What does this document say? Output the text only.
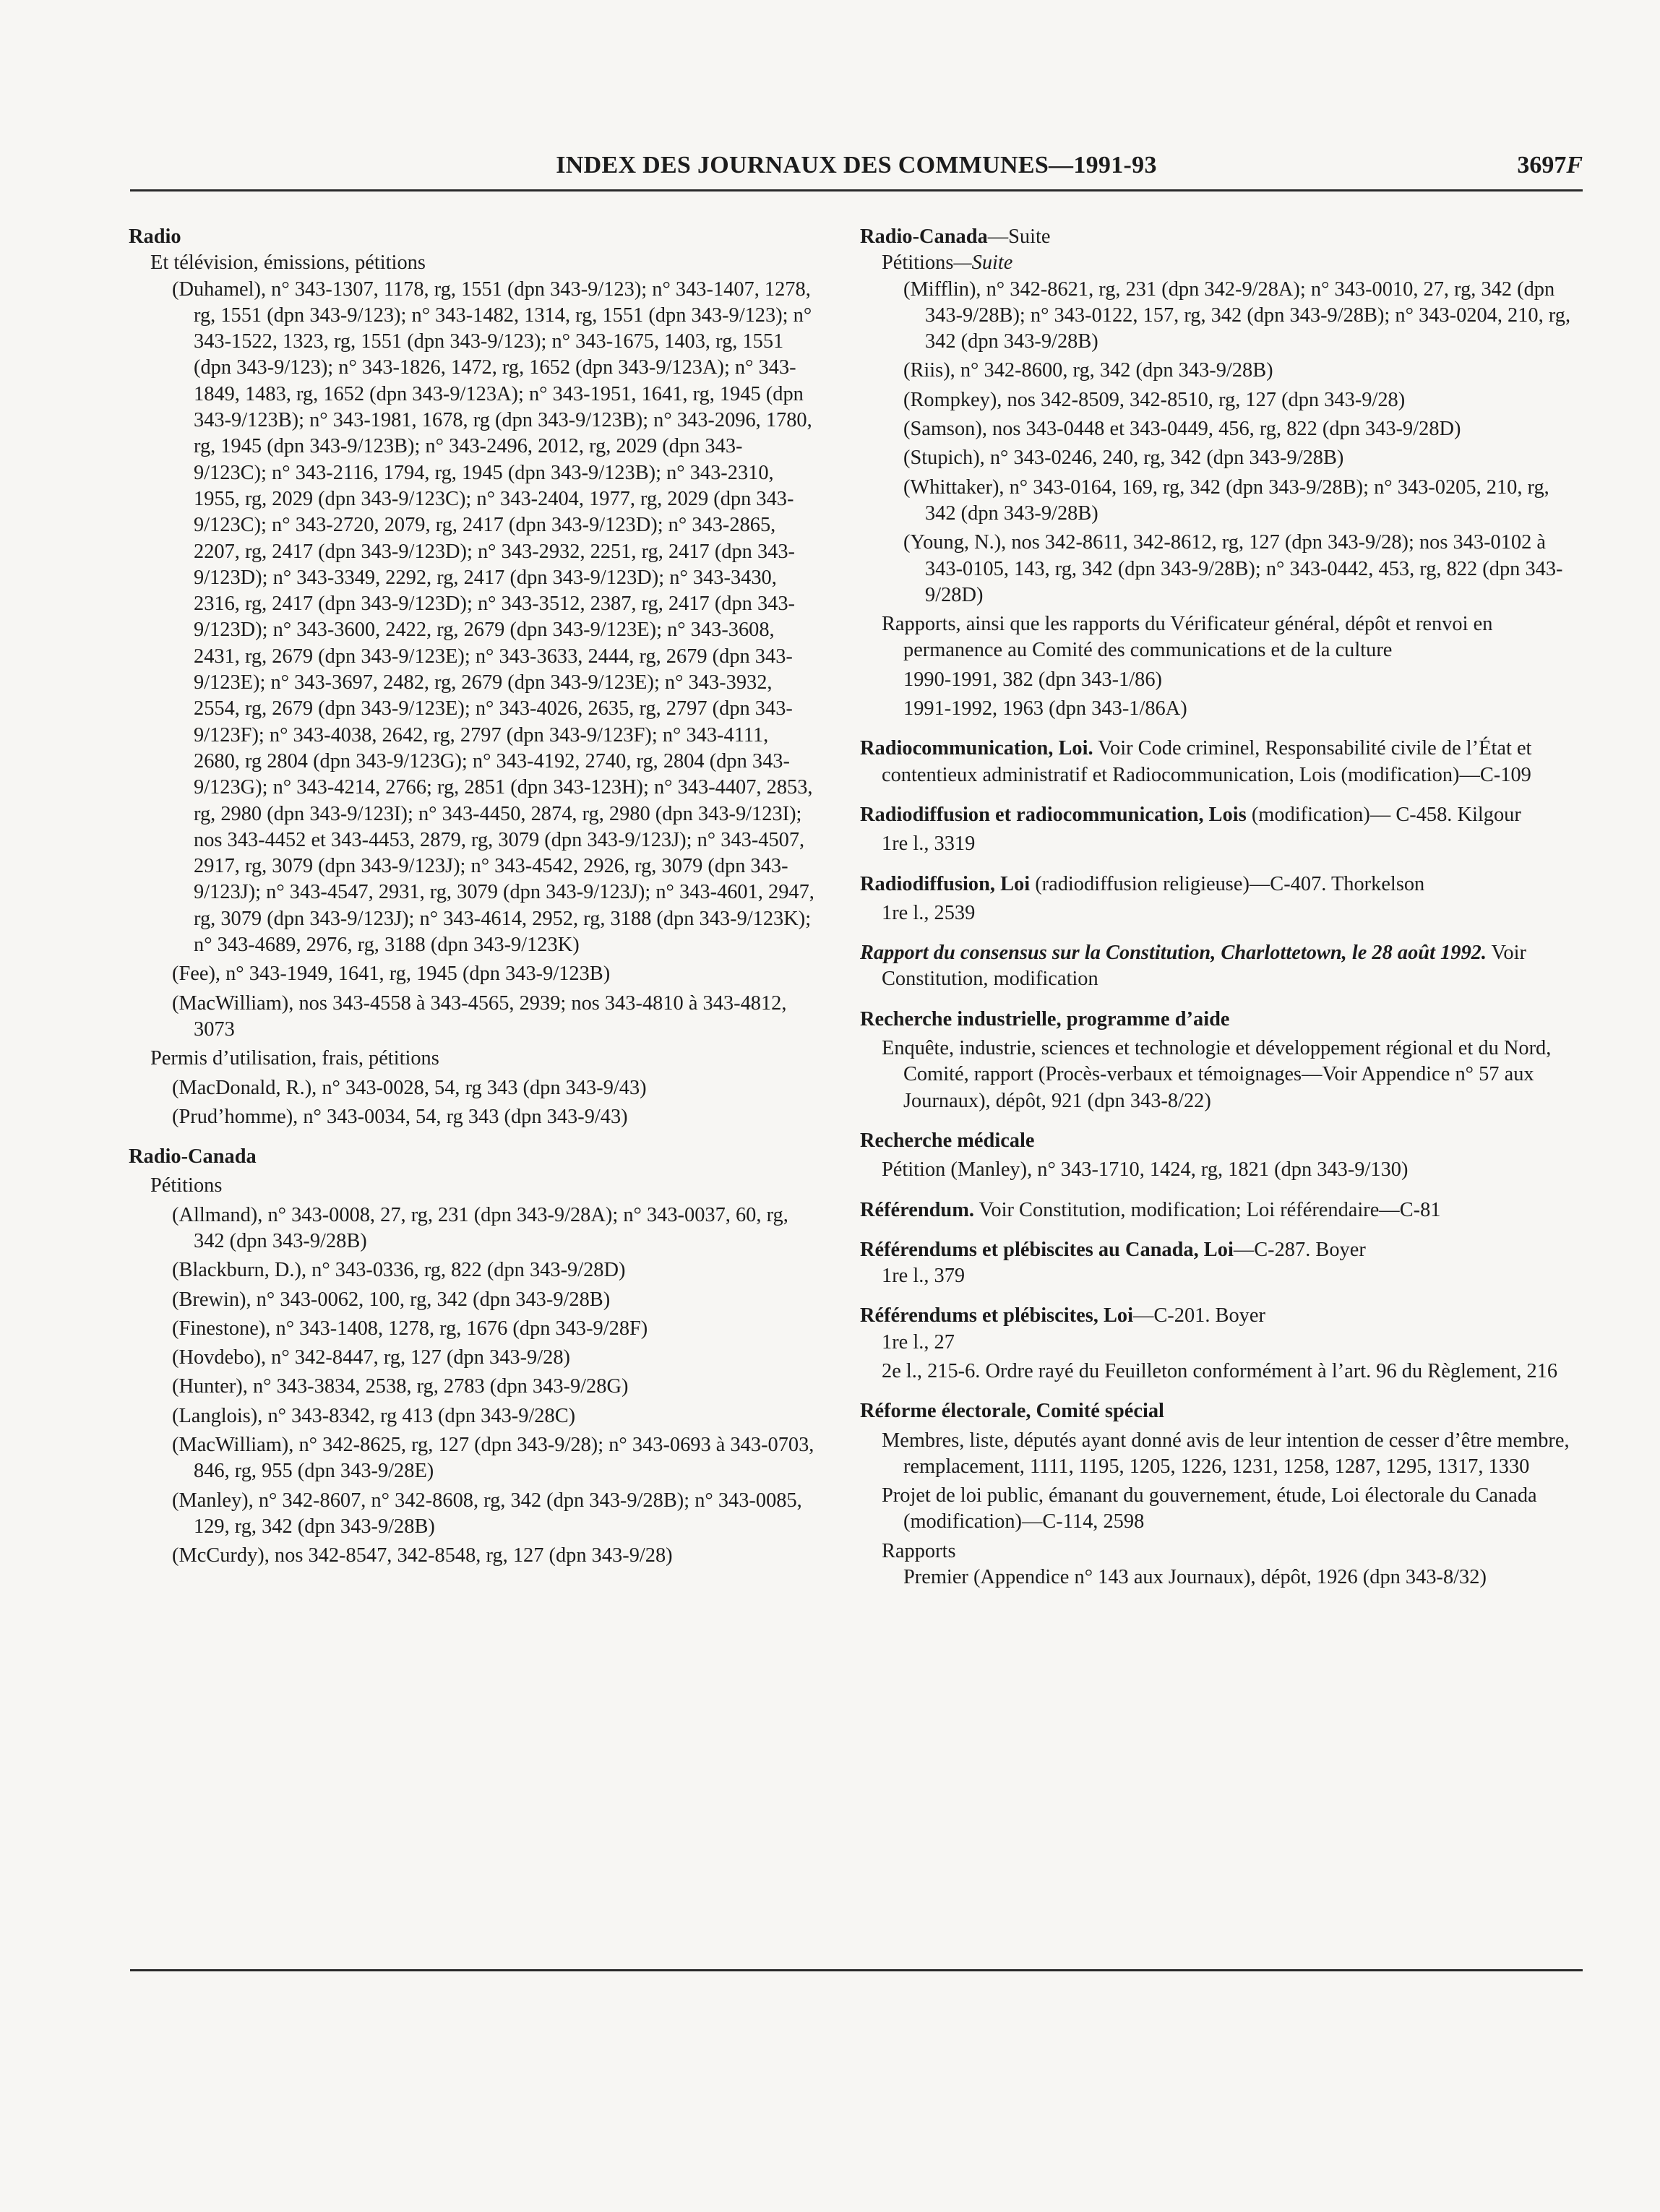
INDEX DES JOURNAUX DES COMMUNES—1991-93	3697F

Radio

Et télévision, émissions, pétitions

(Duhamel), n° 343-1307, 1178, rg, 1551 (dpn 343-9/123); n° 343-1407, 1278, rg, 1551 (dpn 343-9/123); n° 343-1482, 1314, rg, 1551 (dpn 343-9/123); n° 343-1522, 1323, rg, 1551 (dpn 343-9/123); n° 343-1675, 1403, rg, 1551 (dpn 343-9/123); n° 343-1826, 1472, rg, 1652 (dpn 343-9/123A); n° 343-1849, 1483, rg, 1652 (dpn 343-9/123A); n° 343-1951, 1641, rg, 1945 (dpn 343-9/123B); n° 343-1981, 1678, rg (dpn 343-9/123B); n° 343-2096, 1780, rg, 1945 (dpn 343-9/123B); n° 343-2496, 2012, rg, 2029 (dpn 343-9/123C); n° 343-2116, 1794, rg, 1945 (dpn 343-9/123B); n° 343-2310, 1955, rg, 2029 (dpn 343-9/123C); n° 343-2404, 1977, rg, 2029 (dpn 343-9/123C); n° 343-2720, 2079, rg, 2417 (dpn 343-9/123D); n° 343-2865, 2207, rg, 2417 (dpn 343-9/123D); n° 343-2932, 2251, rg, 2417 (dpn 343-9/123D); n° 343-3349, 2292, rg, 2417 (dpn 343-9/123D); n° 343-3430, 2316, rg, 2417 (dpn 343-9/123D); n° 343-3512, 2387, rg, 2417 (dpn 343-9/123D); n° 343-3600, 2422, rg, 2679 (dpn 343-9/123E); n° 343-3608, 2431, rg, 2679 (dpn 343-9/123E); n° 343-3633, 2444, rg, 2679 (dpn 343-9/123E); n° 343-3697, 2482, rg, 2679 (dpn 343-9/123E); n° 343-3932, 2554, rg, 2679 (dpn 343-9/123E); n° 343-4026, 2635, rg, 2797 (dpn 343-9/123F); n° 343-4038, 2642, rg, 2797 (dpn 343-9/123F); n° 343-4111, 2680, rg 2804 (dpn 343-9/123G); n° 343-4192, 2740, rg, 2804 (dpn 343-9/123G); n° 343-4214, 2766; rg, 2851 (dpn 343-123H); n° 343-4407, 2853, rg, 2980 (dpn 343-9/123I); n° 343-4450, 2874, rg, 2980 (dpn 343-9/123I); nos 343-4452 et 343-4453, 2879, rg, 3079 (dpn 343-9/123J); n° 343-4507, 2917, rg, 3079 (dpn 343-9/123J); n° 343-4542, 2926, rg, 3079 (dpn 343-9/123J); n° 343-4547, 2931, rg, 3079 (dpn 343-9/123J); n° 343-4601, 2947, rg, 3079 (dpn 343-9/123J); n° 343-4614, 2952, rg, 3188 (dpn 343-9/123K); n° 343-4689, 2976, rg, 3188 (dpn 343-9/123K)

(Fee), n° 343-1949, 1641, rg, 1945 (dpn 343-9/123B)

(MacWilliam), nos 343-4558 à 343-4565, 2939; nos 343-4810 à 343-4812, 3073

Permis d’utilisation, frais, pétitions

(MacDonald, R.), n° 343-0028, 54, rg 343 (dpn 343-9/43)

(Prud’homme), n° 343-0034, 54, rg 343 (dpn 343-9/43)

Radio-Canada

Pétitions

(Allmand), n° 343-0008, 27, rg, 231 (dpn 343-9/28A); n° 343-0037, 60, rg, 342 (dpn 343-9/28B)

(Blackburn, D.), n° 343-0336, rg, 822 (dpn 343-9/28D)

(Brewin), n° 343-0062, 100, rg, 342 (dpn 343-9/28B)

(Finestone), n° 343-1408, 1278, rg, 1676 (dpn 343-9/28F)

(Hovdebo), n° 342-8447, rg, 127 (dpn 343-9/28)

(Hunter), n° 343-3834, 2538, rg, 2783 (dpn 343-9/28G)

(Langlois), n° 343-8342, rg 413 (dpn 343-9/28C)

(MacWilliam), n° 342-8625, rg, 127 (dpn 343-9/28); n° 343-0693 à 343-0703, 846, rg, 955 (dpn 343-9/28E)

(Manley), n° 342-8607, n° 342-8608, rg, 342 (dpn 343-9/28B); n° 343-0085, 129, rg, 342 (dpn 343-9/28B)

(McCurdy), nos 342-8547, 342-8548, rg, 127 (dpn 343-9/28)

Radio-Canada—Suite

Pétitions—Suite

(Mifflin), n° 342-8621, rg, 231 (dpn 342-9/28A); n° 343-0010, 27, rg, 342 (dpn 343-9/28B); n° 343-0122, 157, rg, 342 (dpn 343-9/28B); n° 343-0204, 210, rg, 342 (dpn 343-9/28B)

(Riis), n° 342-8600, rg, 342 (dpn 343-9/28B)

(Rompkey), nos 342-8509, 342-8510, rg, 127 (dpn 343-9/28)

(Samson), nos 343-0448 et 343-0449, 456, rg, 822 (dpn 343-9/28D)

(Stupich), n° 343-0246, 240, rg, 342 (dpn 343-9/28B)

(Whittaker), n° 343-0164, 169, rg, 342 (dpn 343-9/28B); n° 343-0205, 210, rg, 342 (dpn 343-9/28B)

(Young, N.), nos 342-8611, 342-8612, rg, 127 (dpn 343-9/28); nos 343-0102 à 343-0105, 143, rg, 342 (dpn 343-9/28B); n° 343-0442, 453, rg, 822 (dpn 343-9/28D)

Rapports, ainsi que les rapports du Vérificateur général, dépôt et renvoi en permanence au Comité des communications et de la culture

1990-1991, 382 (dpn 343-1/86)

1991-1992, 1963 (dpn 343-1/86A)

Radiocommunication, Loi. Voir Code criminel, Responsabilité civile de l’État et contentieux administratif et Radiocommunication, Lois (modification)—C-109

Radiodiffusion et radiocommunication, Lois (modification)— C-458. Kilgour

1re l., 3319

Radiodiffusion, Loi (radiodiffusion religieuse)—C-407. Thorkelson

1re l., 2539

Rapport du consensus sur la Constitution, Charlottetown, le 28 août 1992. Voir Constitution, modification

Recherche industrielle, programme d’aide

Enquête, industrie, sciences et technologie et développement régional et du Nord, Comité, rapport (Procès-verbaux et témoignages—Voir Appendice n° 57 aux Journaux), dépôt, 921 (dpn 343-8/22)

Recherche médicale

Pétition (Manley), n° 343-1710, 1424, rg, 1821 (dpn 343-9/130)

Référendum. Voir Constitution, modification; Loi référendaire—C-81

Référendums et plébiscites au Canada, Loi—C-287. Boyer

1re l., 379

Référendums et plébiscites, Loi—C-201. Boyer

1re l., 27

2e l., 215-6. Ordre rayé du Feuilleton conformément à l’art. 96 du Règlement, 216

Réforme électorale, Comité spécial

Membres, liste, députés ayant donné avis de leur intention de cesser d’être membre, remplacement, 1111, 1195, 1205, 1226, 1231, 1258, 1287, 1295, 1317, 1330

Projet de loi public, émanant du gouvernement, étude, Loi électorale du Canada (modification)—C-114, 2598

Rapports

Premier (Appendice n° 143 aux Journaux), dépôt, 1926 (dpn 343-8/32)
